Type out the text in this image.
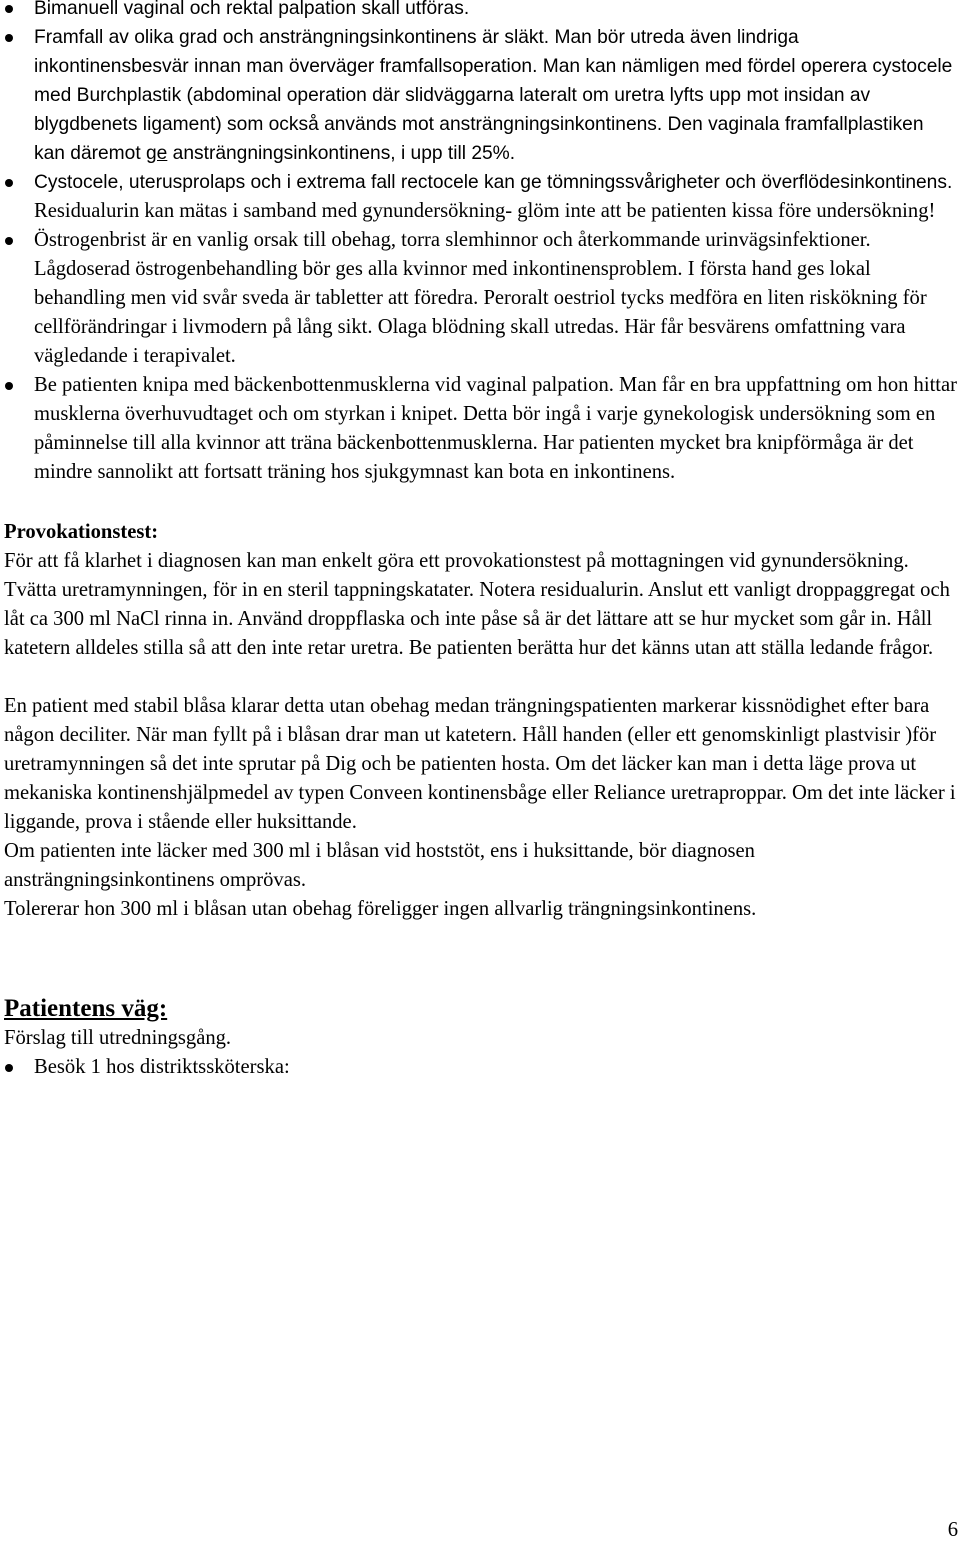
Bimanuell vaginal och rektal palpation skall utföras.
Framfall av olika grad och ansträngningsinkontinens är släkt. Man bör utreda även lindriga inkontinensbesvär innan man överväger framfallsoperation. Man kan nämligen med fördel operera cystocele med Burchplastik (abdominal operation där slidväggarna lateralt om uretra lyfts upp mot insidan av blygdbenets ligament) som också används mot ansträngningsinkontinens. Den vaginala framfallplastiken kan däremot ge ansträngningsinkontinens, i upp till 25%.
Cystocele, uterusprolaps och i extrema fall rectocele kan ge tömningssvårigheter och överflödesinkontinens. Residualurin kan mätas i samband med gynundersökning- glöm inte att be patienten kissa före undersökning!
Östrogenbrist är en vanlig orsak till obehag, torra slemhinnor och återkommande urinvägsinfektioner. Lågdoserad östrogenbehandling bör ges alla kvinnor med inkontinensproblem. I första hand ges lokal behandling men vid svår sveda är tabletter att föredra. Peroralt oestriol tycks medföra en liten riskökning för cellförändringar i livmodern på lång sikt. Olaga blödning skall utredas. Här får besvärens omfattning vara vägledande i terapivalet.
Be patienten knipa med bäckenbottenmusklerna vid vaginal palpation. Man får en bra uppfattning om hon hittar musklerna överhuvudtaget och om styrkan i knipet. Detta bör ingå i varje gynekologisk undersökning som en påminnelse till alla kvinnor att träna bäckenbottenmusklerna. Har patienten mycket bra knipförmåga är det mindre sannolikt att fortsatt träning hos sjukgymnast kan bota en inkontinens.

Provokationstest:

För att få klarhet i diagnosen kan man enkelt göra ett provokationstest på mottagningen vid gynundersökning. Tvätta uretramynningen, för in en steril tappningskatater. Notera residualurin. Anslut ett vanligt droppaggregat och låt ca 300 ml NaCl rinna in. Använd droppflaska och inte påse så är det lättare att se hur mycket som går in. Håll katetern alldeles stilla så att den inte retar uretra. Be patienten berätta hur det känns utan att ställa ledande frågor.

En patient med stabil blåsa klarar detta utan obehag medan trängningspatienten markerar kissnödighet efter bara någon deciliter. När man fyllt på i blåsan drar man ut katetern. Håll handen (eller ett genomskinligt plastvisir )för uretramynningen så det inte sprutar på Dig och be patienten hosta. Om det läcker kan man i detta läge prova ut mekaniska kontinenshjälpmedel av typen Conveen kontinensbåge eller Reliance uretraproppar. Om det inte läcker i liggande, prova i stående eller huksittande.

Om patienten inte läcker med 300 ml i blåsan vid hoststöt, ens i huksittande, bör diagnosen ansträngningsinkontinens omprövas.

Tolererar hon 300 ml i blåsan utan obehag föreligger ingen allvarlig trängningsinkontinens.

Patientens väg:

Förslag till utredningsgång.

Besök 1 hos distriktssköterska:
6
